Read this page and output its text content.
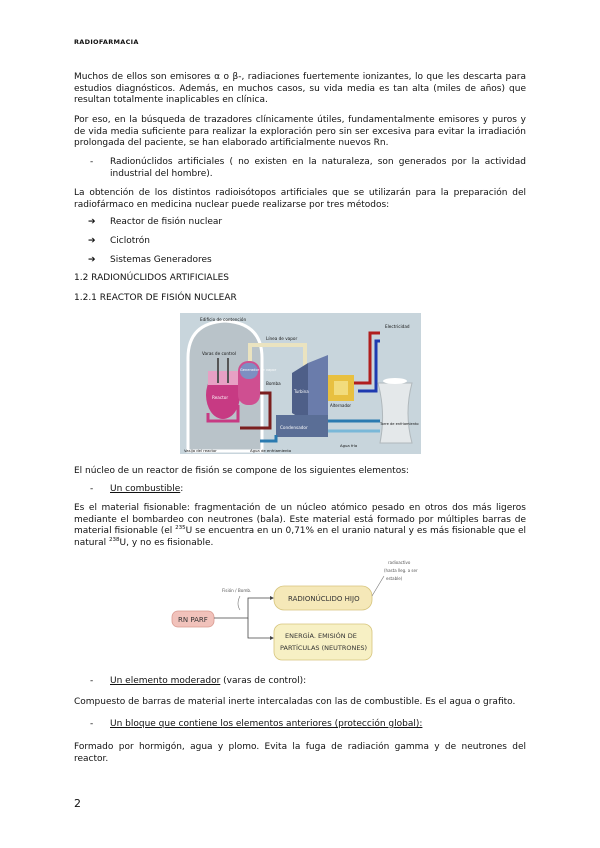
RADIOFARMACIA
Muchos de ellos son emisores α o β-, radiaciones fuertemente ionizantes, lo que les descarta para estudios diagnósticos. Además, en muchos casos, su vida media es tan alta (miles de años) que resultan totalmente inaplicables en clínica.
Por eso, en la búsqueda de trazadores clínicamente útiles, fundamentalmente emisores y puros y de vida media suficiente para realizar la exploración pero sin ser excesiva para evitar la irradiación prolongada del paciente, se han elaborado artificialmente nuevos Rn.
- Radionúclidos artificiales ( no existen en la naturaleza, son generados por la actividad industrial del hombre).
La obtención de los distintos radioisótopos artificiales que se utilizarán para la preparación del radiofármaco en medicina nuclear puede realizarse por tres métodos:
➔ Reactor de fisión nuclear
➔ Ciclotrón
➔ Sistemas Generadores
1.2 RADIONÚCLIDOS ARTIFICIALES
1.2.1 REACTOR DE FISIÓN NUCLEAR
Edificio de contención
Línea de vapor
Electricidad
Varas de control
Generador de vapor
Reactor
Turbina
Alternador
Bomba
Condensador
Torre de enfriamiento
Vasija del reactor	Agua de enfriamiento
Agua fría
El núcleo de un reactor de fisión se compone de los siguientes elementos:
- Un combustible:
Es el material fisionable: fragmentación de un núcleo atómico pesado en otros dos más ligeros mediante el bombardeo con neutrones (bala). Este material está formado por múltiples barras de material fisionable (el $^{235}$U se encuentra en un 0,71% en el uranio natural y es más fisionable que el natural $^{238}$U, y no es fisionable.
RN PARF
Fisión / Bomb.
RADIONÚCLIDO HIJO
ENERGÍA. EMISIÓN DE
PARTÍCULAS (NEUTRONES)
radioactivo
(hasta lleg. a ser
estable)
- Un elemento moderador (varas de control):
Compuesto de barras de material inerte intercaladas con las de combustible. Es el agua o grafito.
- Un bloque que contiene los elementos anteriores (protección global):
Formado por hormigón, agua y plomo. Evita la fuga de radiación gamma y de neutrones del reactor.
2
